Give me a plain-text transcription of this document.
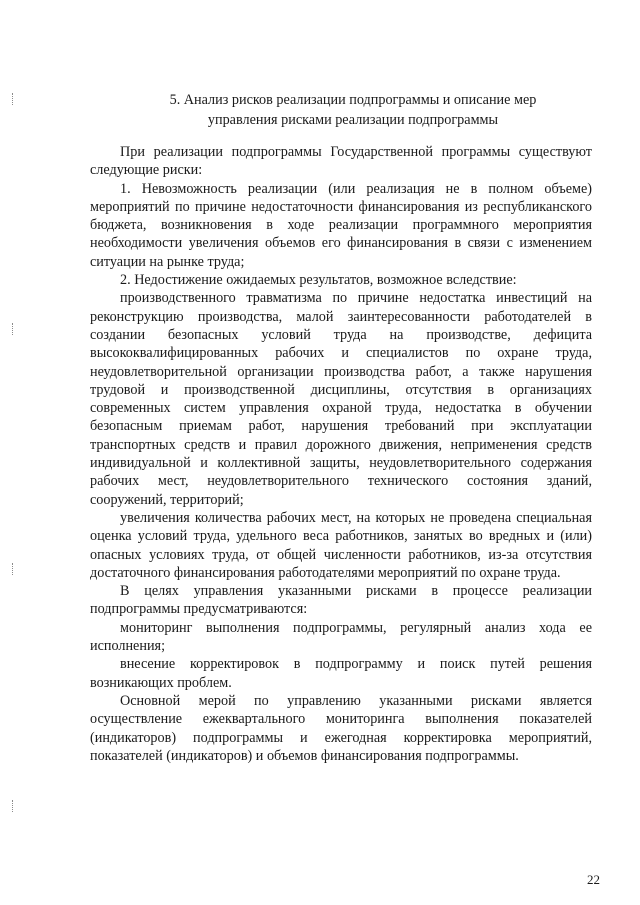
5. Анализ рисков реализации подпрограммы и описание мер
управления рисками реализации подпрограммы

При реализации подпрограммы Государственной программы существуют следующие риски:

1. Невозможность реализации (или реализация не в полном объеме) мероприятий по причине недостаточности финансирования из республиканского бюджета, возникновения в ходе реализации программного мероприятия необходимости увеличения объемов его финансирования в связи с изменением ситуации на рынке труда;

2. Недостижение ожидаемых результатов, возможное вследствие:

производственного травматизма по причине недостатка инвестиций на реконструкцию производства, малой заинтересованности работодателей в создании безопасных условий труда на производстве, дефицита высококвалифицированных рабочих и специалистов по охране труда, неудовлетворительной организации производства работ, а также нарушения трудовой и производственной дисциплины, отсутствия в организациях современных систем управления охраной труда, недостатка в обучении безопасным приемам работ, нарушения требований при эксплуатации транспортных средств и правил дорожного движения, неприменения средств индивидуальной и коллективной защиты, неудовлетворительного содержания рабочих мест, неудовлетворительного технического состояния зданий, сооружений, территорий;

увеличения количества рабочих мест, на которых не проведена специальная оценка условий труда, удельного веса работников, занятых во вредных и (или) опасных условиях труда, от общей численности работников, из-за отсутствия достаточного финансирования работодателями мероприятий по охране труда.

В целях управления указанными рисками в процессе реализации подпрограммы предусматриваются:

мониторинг выполнения подпрограммы, регулярный анализ хода ее исполнения;

внесение корректировок в подпрограмму и поиск путей решения возникающих проблем.

Основной мерой по управлению указанными рисками является осуществление ежеквартального мониторинга выполнения показателей (индикаторов) подпрограммы и ежегодная корректировка мероприятий, показателей (индикаторов) и объемов финансирования подпрограммы.

22
